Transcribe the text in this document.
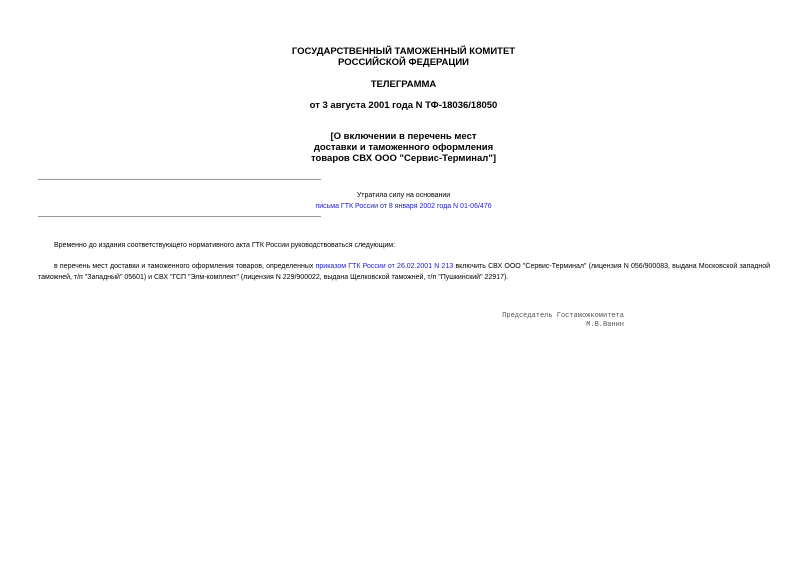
ГОСУДАРСТВЕННЫЙ ТАМОЖЕННЫЙ КОМИТЕТ

РОССИЙСКОЙ ФЕДЕРАЦИИ

ТЕЛЕГРАММА

от 3 августа 2001 года N ТФ-18036/18050

[О включении в перечень мест

доставки и таможенного оформления

товаров СВХ ООО "Сервис-Терминал"]

Утратила силу на основании
письма ГТК России от 8 января 2002 года N 01-06/476

Временно до издания соответствующего нормативного акта ГТК России руководствоваться следующим:

в перечень мест доставки и таможенного оформления товаров, определенных приказом ГТК России от 26.02.2001 N 213 включить СВХ ООО "Сервис-Терминал" (лицензия N 056/900083, выдана Московской западной таможней, т/п "Западный" 05601) и СВХ "ГСП "Элм-комплект" (лицензия N 229/900022, выдана Щелковской таможней, т/п "Пушкинский" 22917).

Председатель Гостаможкомитета
М.В.Ванин
